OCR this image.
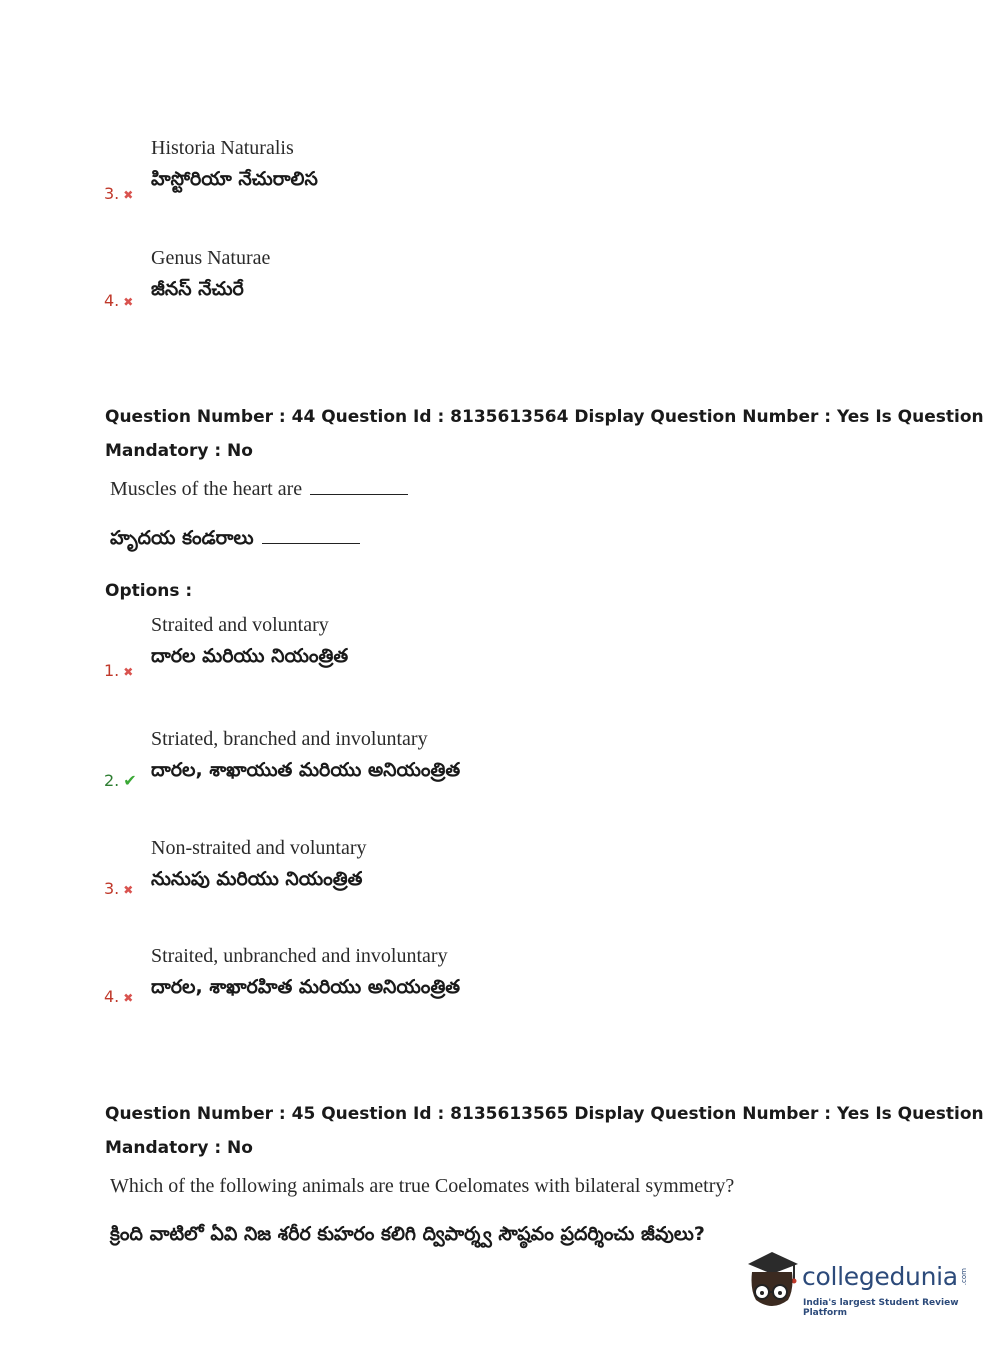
Historia Naturalis
హిస్టోరియా నేచురాలిస
3. ✖
Genus Naturae
జీనస్ నేచురే
4. ✖
Question Number : 44 Question Id : 8135613564 Display Question Number : Yes Is Question
Mandatory : No
Muscles of the heart are
హృదయ కండరాలు
Options :
Straited and voluntary
దారల మరియు నియంత్రిత
1. ✖
Striated, branched and involuntary
దారల, శాఖాయుత మరియు అనియంత్రిత
2. ✔
Non-straited and voluntary
నునుపు మరియు నియంత్రిత
3. ✖
Straited, unbranched and involuntary
దారల, శాఖారహిత మరియు అనియంత్రిత
4. ✖
Question Number : 45 Question Id : 8135613565 Display Question Number : Yes Is Question
Mandatory : No
Which of the following animals are true Coelomates with bilateral symmetry?
క్రింది వాటిలో ఏవి నిజ శరీర కుహరం కలిగి ద్విపార్శ్వ సౌష్ఠవం ప్రదర్శించు జీవులు?
collegedunia .com
India's largest Student Review Platform
